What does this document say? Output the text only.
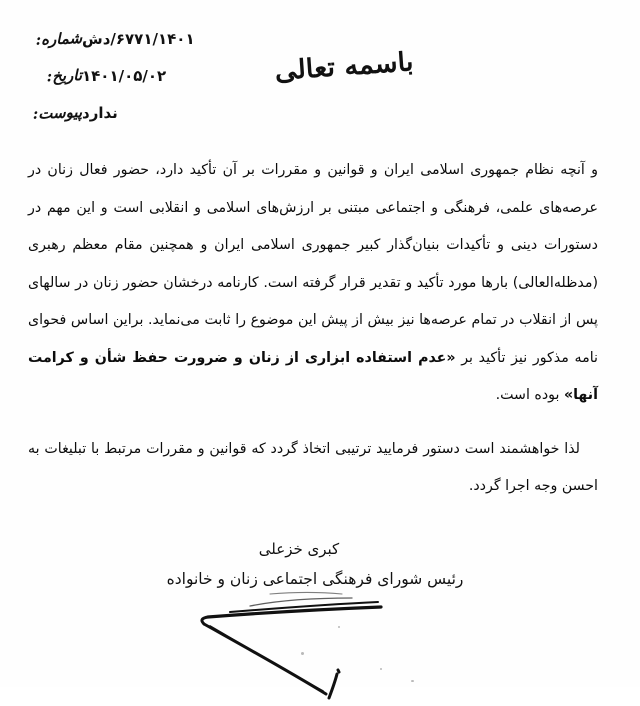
باسمه تعالی
شماره: ۶۷۷۱/۱۴۰۱/دش
تاریخ: ۱۴۰۱/۰۵/۰۲
پیوست: ندارد

و آنچه نظام جمهوری اسلامی ایران و قوانین و مقررات بر آن تأکید دارد، حضور فعال زنان در عرصه‌های علمی، فرهنگی و اجتماعی مبتنی بر ارزش‌های اسلامی و انقلابی است و این مهم در دستورات دینی و تأکیدات بنیان‌گذار کبیر جمهوری اسلامی ایران و همچنین مقام معظم رهبری (مدظله‌العالی) بارها مورد تأکید و تقدیر قرار گرفته است. کارنامه درخشان حضور زنان در سالهای پس از انقلاب در تمام عرصه‌ها نیز بیش از پیش این موضوع را ثابت می‌نماید. براین اساس فحوای نامه مذکور نیز تأکید بر «عدم استفاده ابزاری از زنان و ضرورت حفظ شأن و کرامت آنها» بوده است.

لذا خواهشمند است دستور فرمایید ترتیبی اتخاذ گردد که قوانین و مقررات مرتبط با تبلیغات به احسن وجه اجرا گردد.

کبری خزعلی
رئیس شورای فرهنگی اجتماعی زنان و خانواده
